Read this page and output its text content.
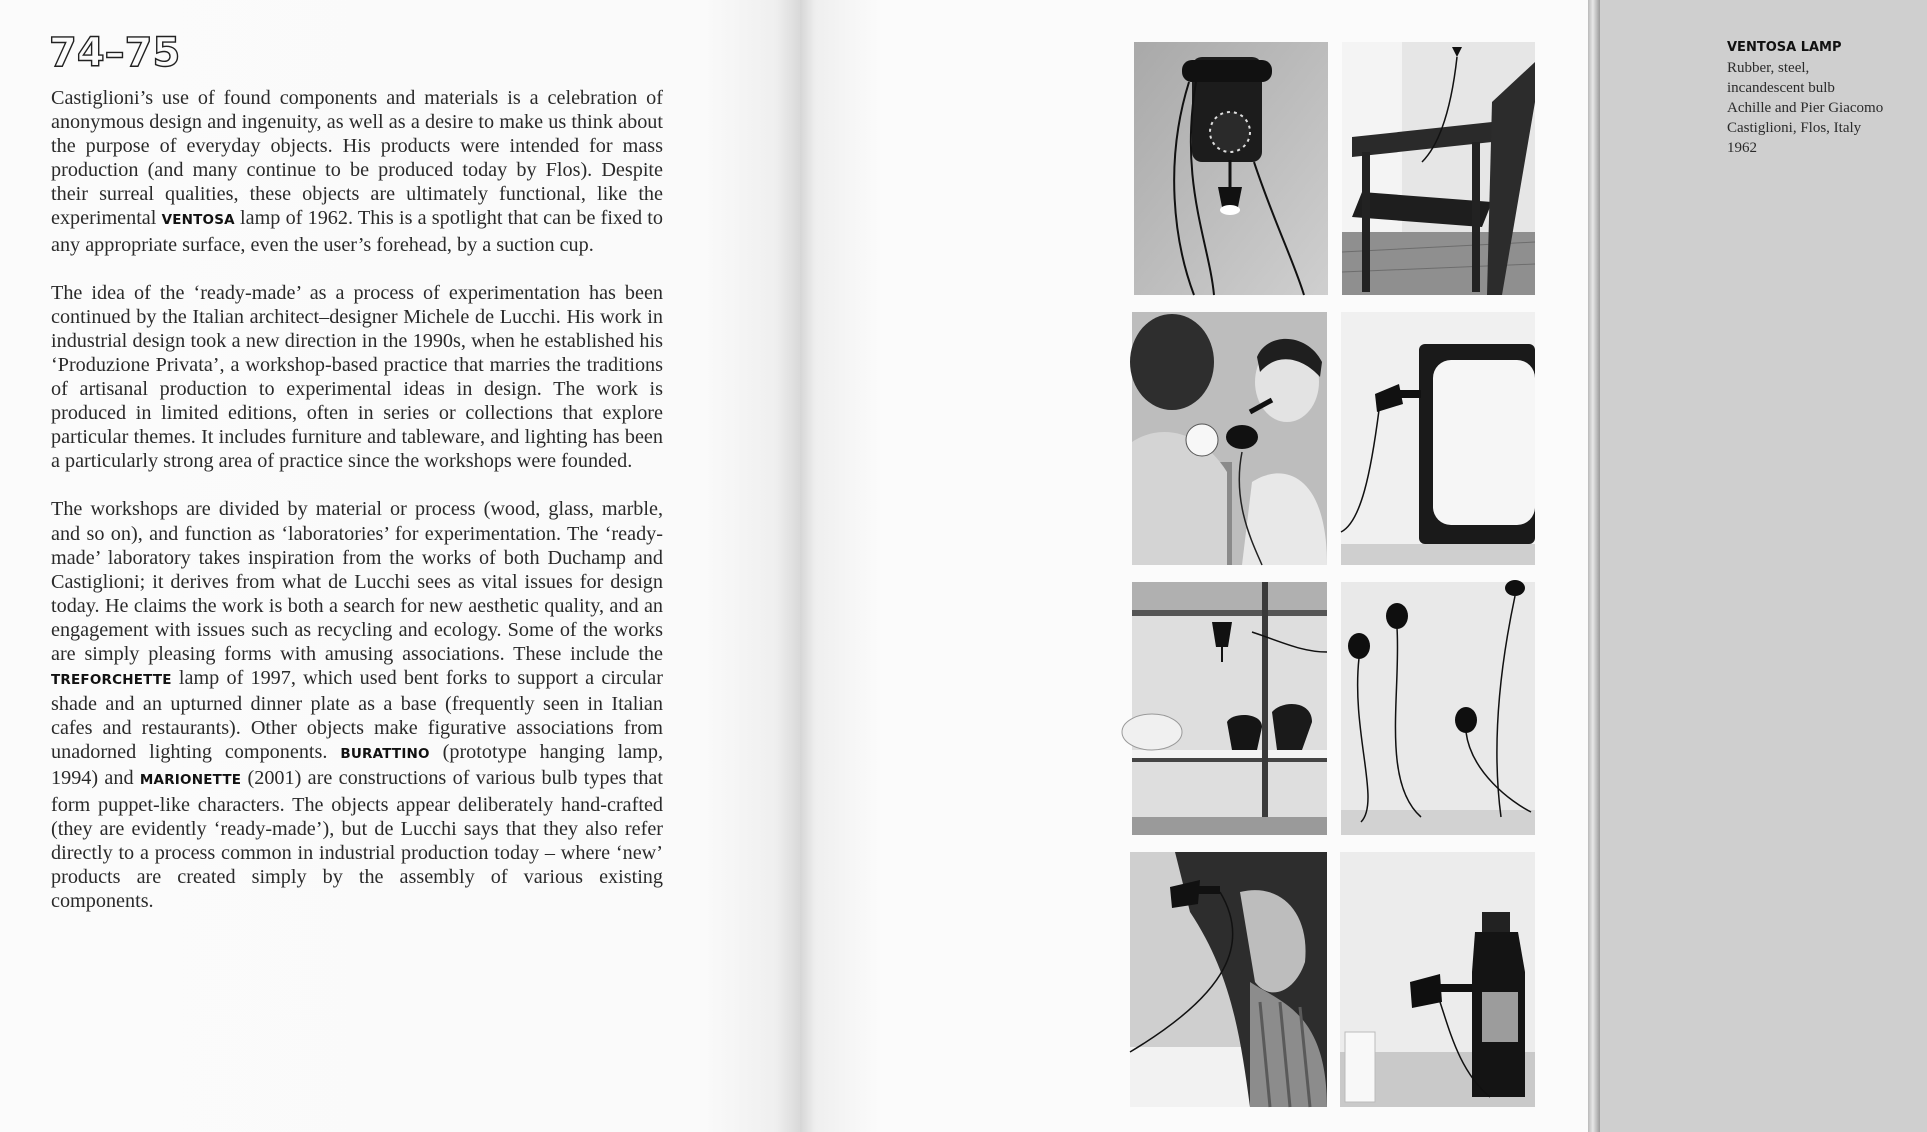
74–75

Castiglioni’s use of found components and materials is a celebration of anonymous design and ingenuity, as well as a desire to make us think about the purpose of everyday objects. His products were intended for mass production (and many continue to be produced today by Flos). Despite their surreal qualities, these objects are ultimately functional, like the experimental VENTOSA lamp of 1962. This is a spotlight that can be fixed to any appropriate surface, even the user’s forehead, by a suction cup.

The idea of the ‘ready-made’ as a process of experimentation has been continued by the Italian architect–designer Michele de Lucchi. His work in industrial design took a new direction in the 1990s, when he established his ‘Produzione Privata’, a workshop-based practice that marries the traditions of artisanal production to experimental ideas in design. The work is produced in limited editions, often in series or collections that explore particular themes. It includes furniture and tableware, and lighting has been a particularly strong area of practice since the workshops were founded.

The workshops are divided by material or process (wood, glass, marble, and so on), and function as ‘laboratories’ for experimentation. The ‘ready-made’ laboratory takes inspiration from the works of both Duchamp and Castiglioni; it derives from what de Lucchi sees as vital issues for design today. He claims the work is both a search for new aesthetic quality, and an engagement with issues such as recycling and ecology. Some of the works are simply pleasing forms with amusing associations. These include the TREFORCHETTE lamp of 1997, which used bent forks to support a circular shade and an upturned dinner plate as a base (frequently seen in Italian cafes and restaurants). Other objects make figurative associations from unadorned lighting components. BURATTINO (prototype hanging lamp, 1994) and MARIONETTE (2001) are constructions of various bulb types that form puppet-like characters. The objects appear deliberately hand-crafted (they are evidently ‘ready-made’), but de Lucchi says that they also refer directly to a process common in industrial production today – where ‘new’ products are created simply by the assembly of various existing components.

VENTOSA LAMP
Rubber, steel,
incandescent bulb
Achille and Pier Giacomo
Castiglioni, Flos, Italy
1962
